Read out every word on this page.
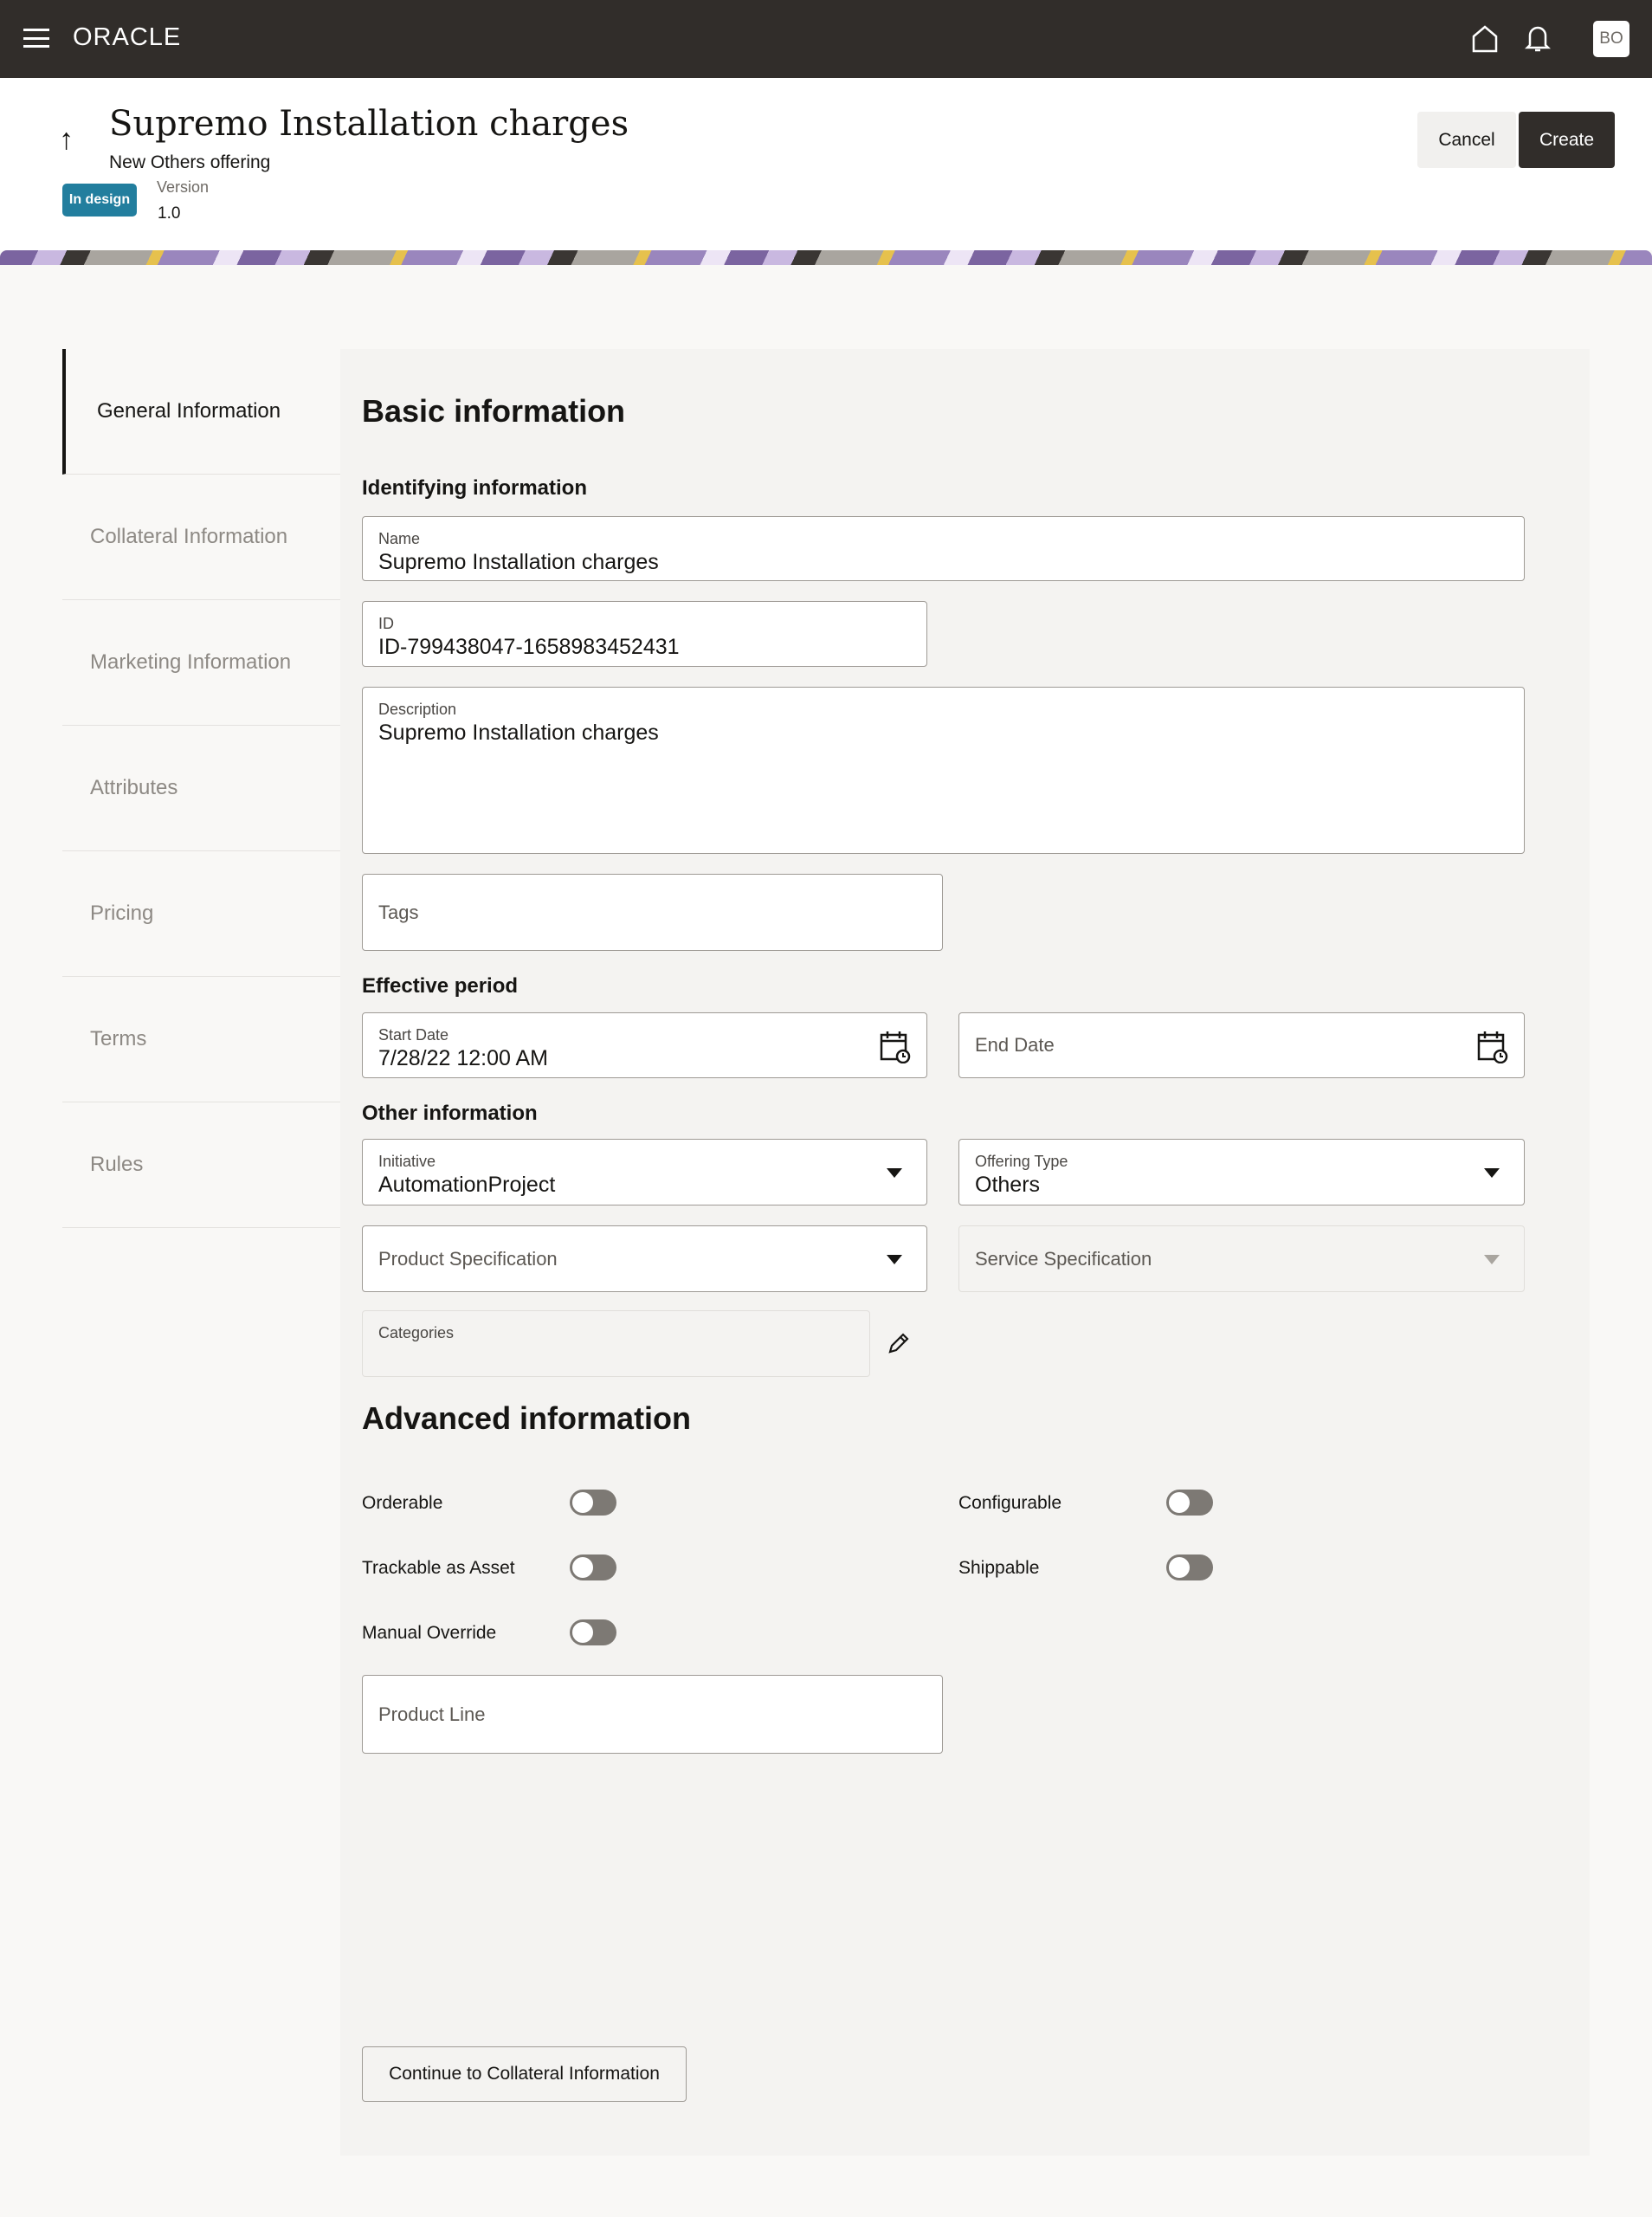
ORACLE	BO
↑ Supremo Installation charges
New Others offering
In design
Version
1.0
Cancel	Create
General Information
Collateral Information
Marketing Information
Attributes
Pricing
Terms
Rules
Basic information
Identifying information
Name
Supremo Installation charges
ID
ID-799438047-1658983452431
Description
Supremo Installation charges
Tags
Effective period
Start Date
7/28/22 12:00 AM
End Date
Other information
Initiative
AutomationProject
Offering Type
Others
Product Specification	Service Specification
Categories
Advanced information
Orderable	Configurable
Trackable as Asset	Shippable
Manual Override
Product Line
Continue to Collateral Information
